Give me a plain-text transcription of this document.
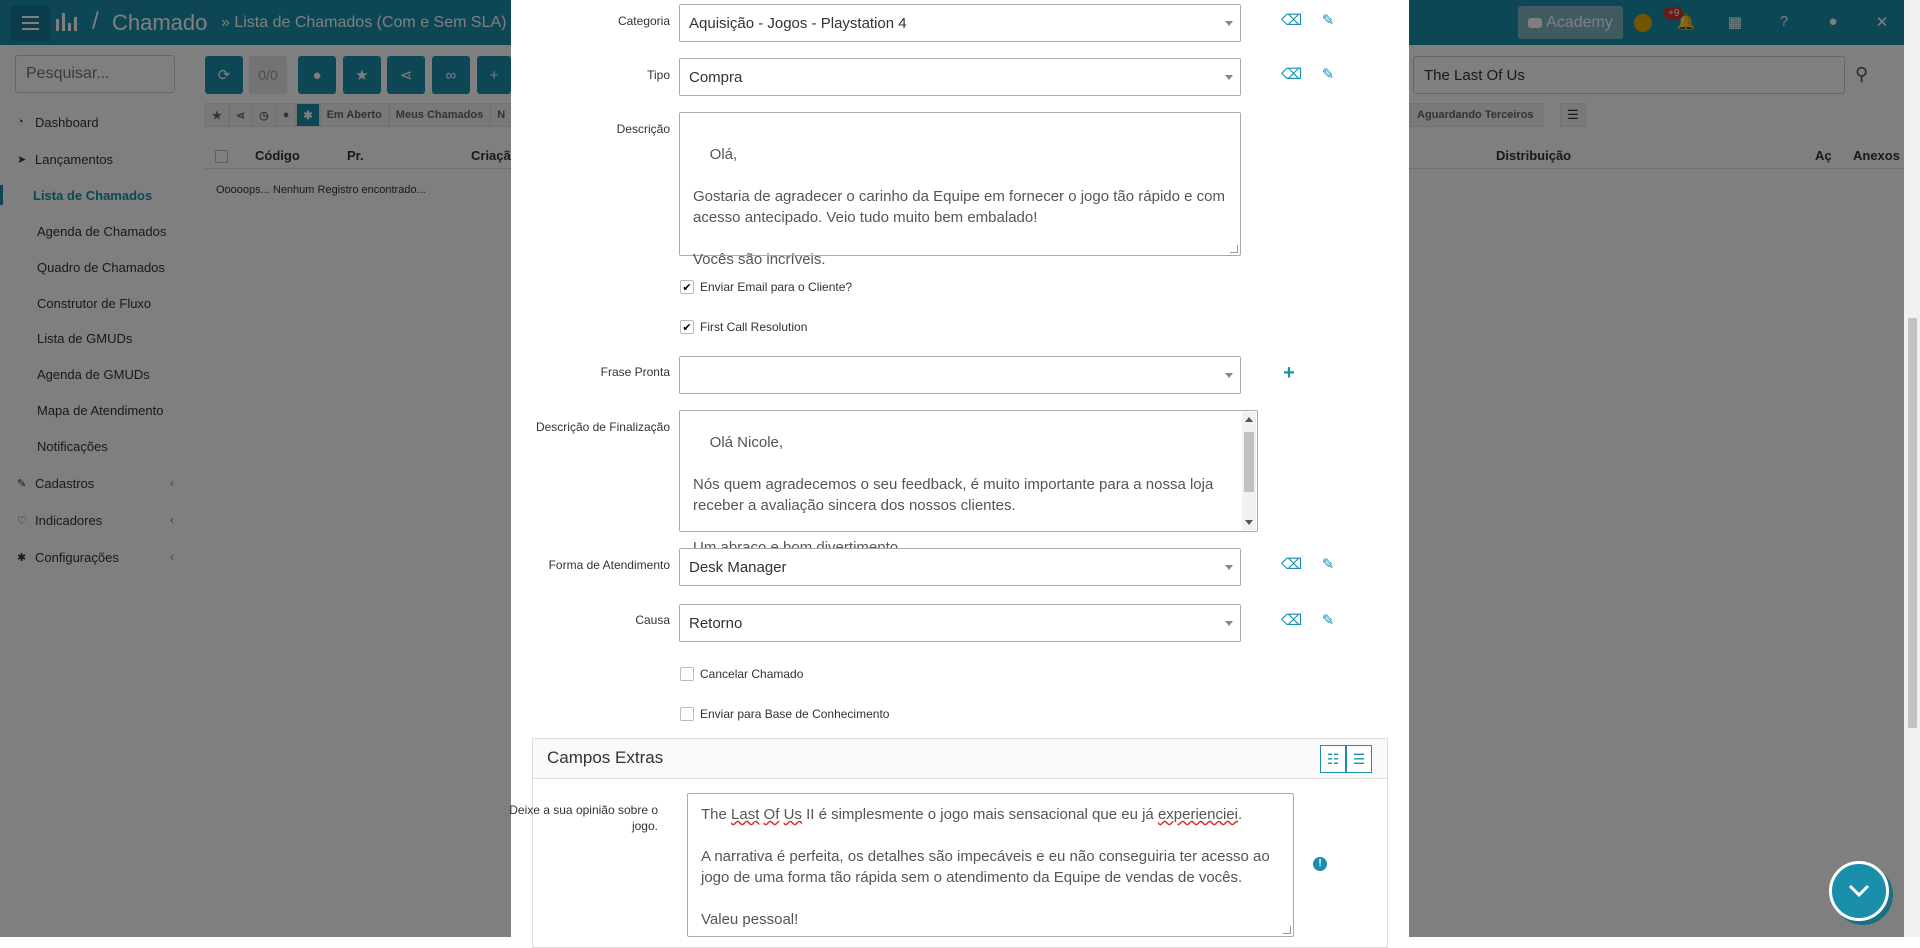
Pesquisar...
Categoria Aquisição - Jogos - Playstation 4	⌫ ✎
Tipo Compra	⌫ ✎
Descrição

Olá,

Gostaria de agradecer o carinho da Equipe em fornecer o jogo tão rápido e com acesso antecipado. Veio tudo muito bem embalado!

Vocês são incríveis.

✔ Enviar Email para o Cliente?
✔ First Call Resolution
Frase Pronta	+
Descrição de Finalização

Olá Nicole,

Nós quem agradecemos o seu feedback, é muito importante para a nossa loja receber a avaliação sincera dos nossos clientes.

Forma de Atendimento Desk Manager	⌫ ✎
Causa Retorno	⌫ ✎
Cancelar Chamado
Enviar para Base de Conhecimento
Campos Extras	☷ ☰
Deixe a sua opinião sobre o jogo.
The Last Of Us II é simplesmente o jogo mais sensacional que eu já experienciei.

A narrativa é perfeita, os detalhes são impecáveis e eu não conseguiria ter acesso ao jogo de uma forma tão rápida sem o atendimento da Equipe de vendas de vocês.

Valeu pessoal!
!
